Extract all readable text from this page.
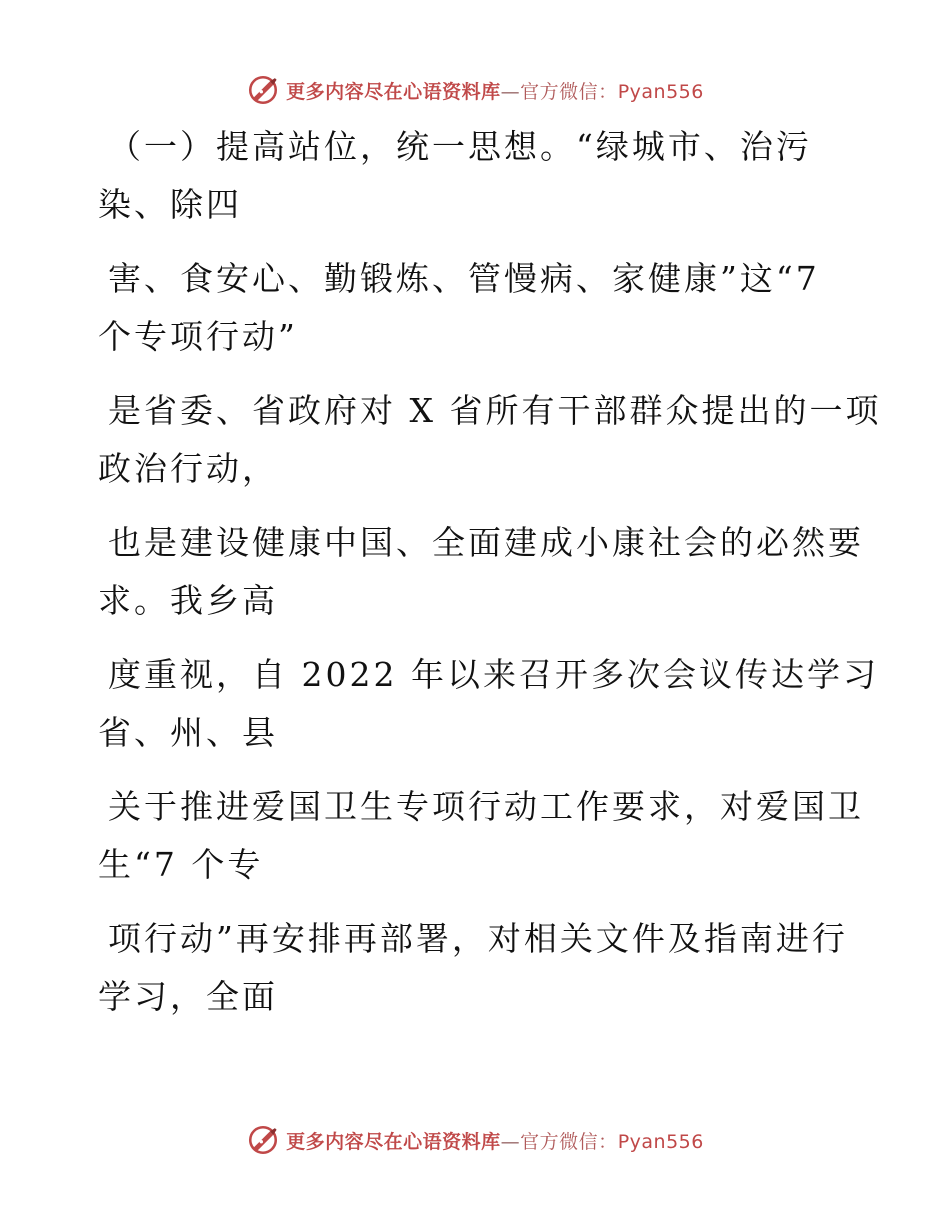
更多内容尽在心语资料库—官方微信：Pyan556

（一）提高站位，统一思想。“绿城市、治污
染、除四

害、食安心、勤锻炼、管慢病、家健康”这“7
个专项行动”

是省委、省政府对 X 省所有干部群众提出的一项
政治行动，

也是建设健康中国、全面建成小康社会的必然要
求。我乡高

度重视，自 2022 年以来召开多次会议传达学习
省、州、县

关于推进爱国卫生专项行动工作要求，对爱国卫
生“7 个专

项行动”再安排再部署，对相关文件及指南进行
学习，全面

更多内容尽在心语资料库—官方微信：Pyan556
